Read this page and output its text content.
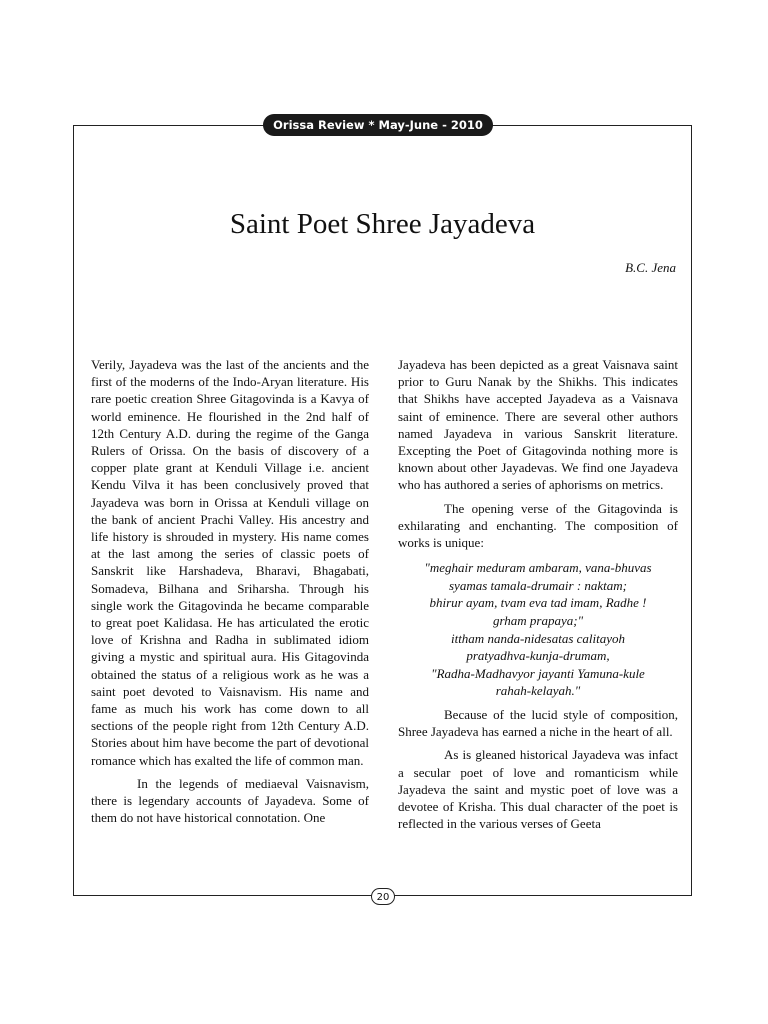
Orissa Review * May-June - 2010
Saint Poet Shree Jayadeva
B.C. Jena

Verily, Jayadeva was the last of the ancients and the first of the moderns of the Indo-Aryan literature. His rare poetic creation Shree Gitagovinda is a Kavya of world eminence. He flourished in the 2nd half of 12th Century A.D. during the regime of the Ganga Rulers of Orissa. On the basis of discovery of a copper plate grant at Kenduli Village i.e. ancient Kendu Vilva it has been conclusively proved that Jayadeva was born in Orissa at Kenduli village on the bank of ancient Prachi Valley. His ancestry and life history is shrouded in mystery. His name comes at the last among the series of classic poets of Sanskrit like Harshadeva, Bharavi, Bhagabati, Somadeva, Bilhana and Sriharsha. Through his single work the Gitagovinda he became comparable to great poet Kalidasa. He has articulated the erotic love of Krishna and Radha in sublimated idiom giving a mystic and spiritual aura. His Gitagovinda obtained the status of a religious work as he was a saint poet devoted to Vaisnavism. His name and fame as much his work has come down to all sections of the people right from 12th Century A.D. Stories about him have become the part of devotional romance which has exalted the life of common man.

In the legends of mediaeval Vaisnavism, there is legendary accounts of Jayadeva. Some of them do not have historical connotation. One

Jayadeva has been depicted as a great Vaisnava saint prior to Guru Nanak by the Shikhs. This indicates that Shikhs have accepted Jayadeva as a Vaisnava saint of eminence. There are several other authors named Jayadeva in various Sanskrit literature. Excepting the Poet of Gitagovinda nothing more is known about other Jayadevas. We find one Jayadeva who has authored a series of aphorisms on metrics.

The opening verse of the Gitagovinda is exhilarating and enchanting. The composition of works is unique:

"meghair meduram ambaram, vana-bhuvas
syamas tamala-drumair : naktam;
bhirur ayam, tvam eva tad imam, Radhe !
grham prapaya;"
ittham nanda-nidesatas calitayoh
pratyadhva-kunja-drumam,
"Radha-Madhavyor jayanti Yamuna-kule
rahah-kelayah."

Because of the lucid style of composition, Shree Jayadeva has earned a niche in the heart of all.

As is gleaned historical Jayadeva was infact a secular poet of love and romanticism while Jayadeva the saint and mystic poet of love was a devotee of Krisha. This dual character of the poet is reflected in the various verses of Geeta

20
